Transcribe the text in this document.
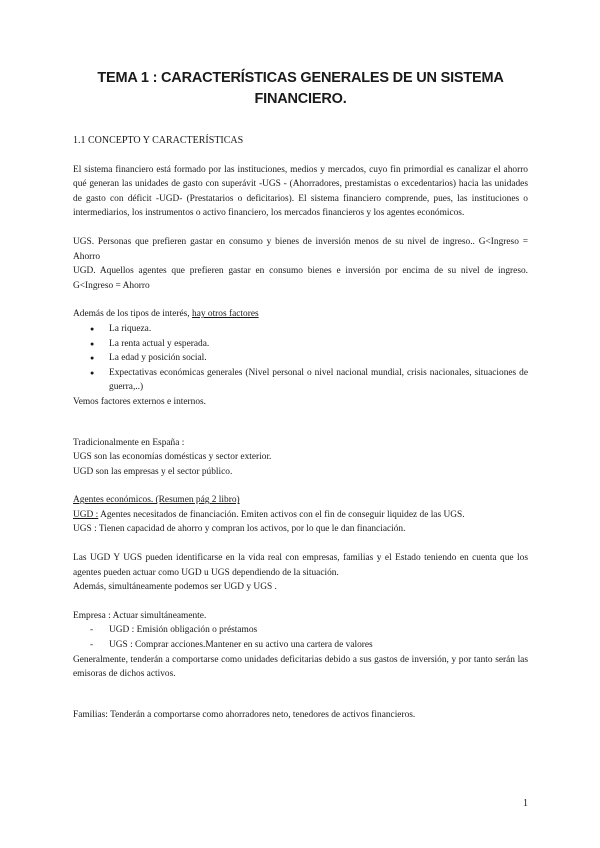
TEMA 1 : CARACTERÍSTICAS GENERALES DE UN SISTEMA
FINANCIERO.

1.1 CONCEPTO Y CARACTERÍSTICAS

El sistema financiero está formado por las instituciones, medios y mercados, cuyo fin primordial es canalizar el ahorro qué generan las unidades de gasto con superávit -UGS - (Ahorradores, prestamistas o excedentarios) hacia las unidades de gasto con déficit -UGD- (Prestatarios o deficitarios). El sistema financiero comprende, pues, las instituciones o intermediarios, los instrumentos o activo financiero, los mercados financieros y los agentes económicos.

UGS. Personas que prefieren gastar en consumo y bienes de inversión menos de su nivel de ingreso.. G<Ingreso = Ahorro

UGD. Aquellos agentes que prefieren gastar en consumo bienes e inversión por encima de su nivel de ingreso. G<Ingreso = Ahorro

Además de los tipos de interés, hay otros factores

● La riqueza.
● La renta actual y esperada.
● La edad y posición social.
● Expectativas económicas generales (Nivel personal o nivel nacional mundial, crisis nacionales, situaciones de guerra,..)

Vemos factores externos e internos.

Tradicionalmente en España :

UGS son las economías domésticas y sector exterior.

UGD son las empresas y el sector público.

Agentes económicos. (Resumen pág 2 libro)

UGD : Agentes necesitados de financiación. Emiten activos con el fin de conseguir liquidez de las UGS.

UGS : Tienen capacidad de ahorro y compran los activos, por lo que le dan financiación.

Las UGD Y UGS pueden identificarse en la vida real con empresas, familias y el Estado teniendo en cuenta que los agentes pueden actuar como UGD u UGS dependiendo de la situación.

Además, simultáneamente podemos ser UGD y UGS .

Empresa : Actuar simultáneamente.

- UGD : Emisión obligación o préstamos
- UGS : Comprar acciones.Mantener en su activo una cartera de valores

Generalmente, tenderán a comportarse como unidades deficitarias debido a sus gastos de inversión, y por tanto serán las emisoras de dichos activos.

Familias: Tenderán a comportarse como ahorradores neto, tenedores de activos financieros.

1
